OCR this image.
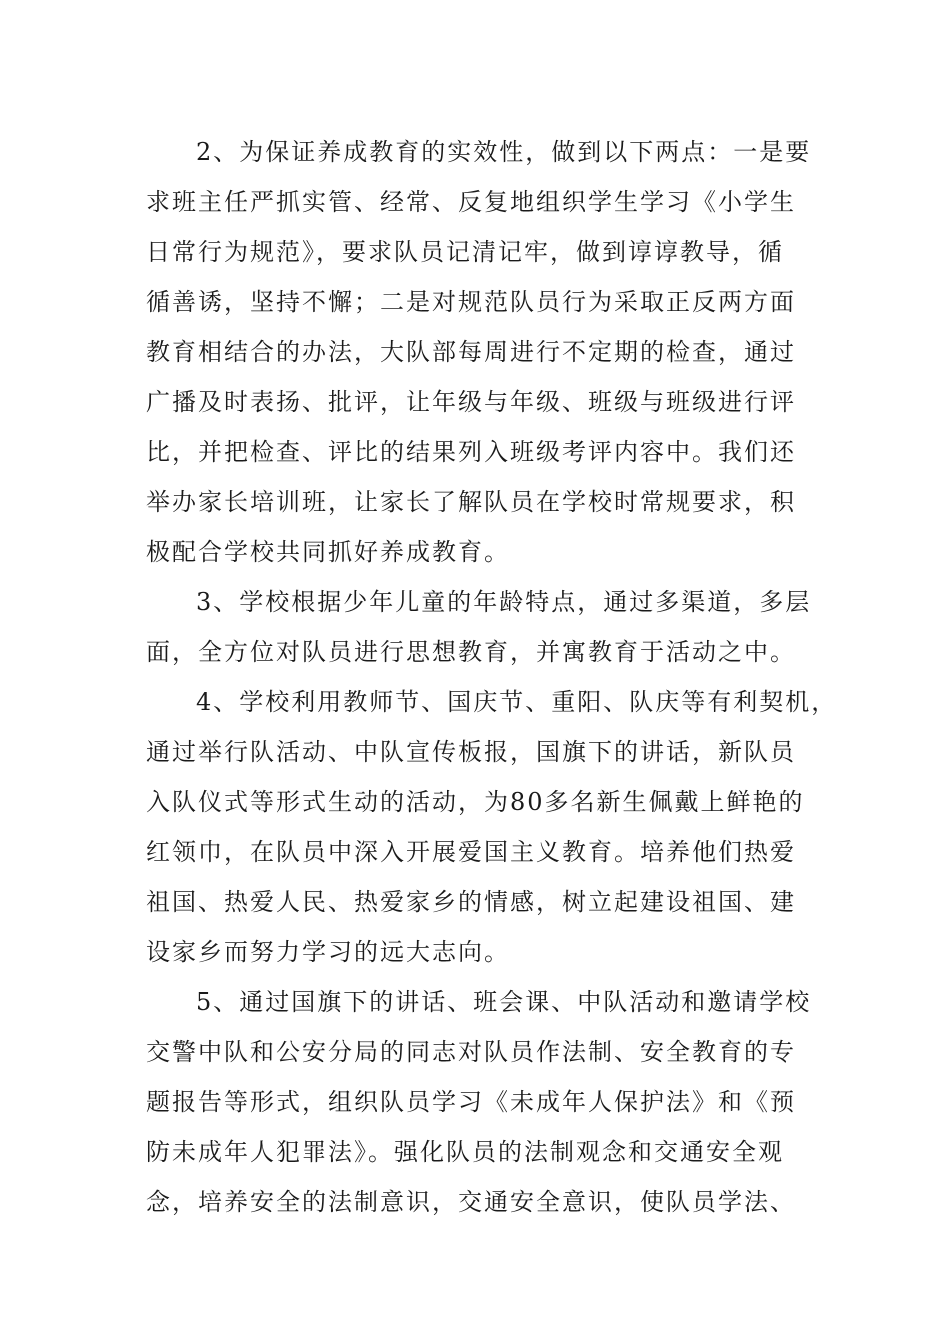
2、为保证养成教育的实效性，做到以下两点：一是要
求班主任严抓实管、经常、反复地组织学生学习《小学生
日常行为规范》，要求队员记清记牢，做到谆谆教导，循
循善诱，坚持不懈；二是对规范队员行为采取正反两方面
教育相结合的办法，大队部每周进行不定期的检查，通过
广播及时表扬、批评，让年级与年级、班级与班级进行评
比，并把检查、评比的结果列入班级考评内容中。我们还
举办家长培训班，让家长了解队员在学校时常规要求，积
极配合学校共同抓好养成教育。
3、学校根据少年儿童的年龄特点，通过多渠道，多层
面，全方位对队员进行思想教育，并寓教育于活动之中。
4、学校利用教师节、国庆节、重阳、队庆等有利契机，
通过举行队活动、中队宣传板报，国旗下的讲话，新队员
入队仪式等形式生动的活动，为80多名新生佩戴上鲜艳的
红领巾，在队员中深入开展爱国主义教育。培养他们热爱
祖国、热爱人民、热爱家乡的情感，树立起建设祖国、建
设家乡而努力学习的远大志向。
5、通过国旗下的讲话、班会课、中队活动和邀请学校
交警中队和公安分局的同志对队员作法制、安全教育的专
题报告等形式，组织队员学习《未成年人保护法》和《预
防未成年人犯罪法》。强化队员的法制观念和交通安全观
念，培养安全的法制意识，交通安全意识，使队员学法、
